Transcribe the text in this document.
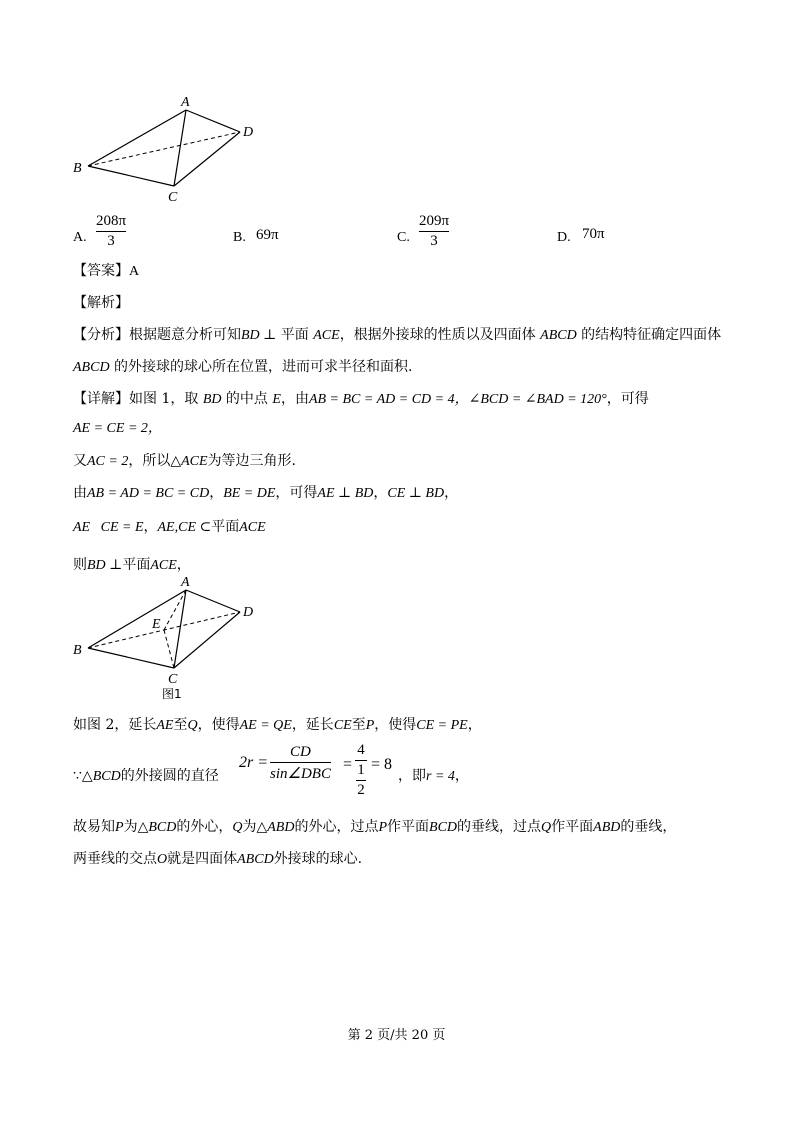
A
B
C
D
A.
208π
3	B. 69π	C.
209π
3	D. 70π
【答案】A
【解析】
【分析】根据题意分析可知BD ⊥ 平面 ACE，根据外接球的性质以及四面体 ABCD 的结构特征确定四面体
ABCD 的外接球的球心所在位置，进而可求半径和面积.
【详解】如图 1，取 BD 的中点 E，由AB = BC = AD = CD = 4，∠BCD = ∠BAD = 120°，可得
AE = CE = 2，
又AC = 2，所以△ACE为等边三角形.
由AB = AD = BC = CD，BE = DE，可得AE ⊥ BD，CE ⊥ BD，
AE   CE = E，AE,CE ⊂平面ACE
则BD ⊥平面ACE，
A
B
C
D
E
图1
如图 2，延长AE至Q，使得AE = QE，延长CE至P，使得CE = PE，
∵△BCD的外接圆的直径
2r =
CD
sin∠DBC
=
4
1
2
= 8
，即r = 4，
故易知P为△BCD的外心，Q为△ABD的外心，过点P作平面BCD的垂线，过点Q作平面ABD的垂线，
两垂线的交点O就是四面体ABCD外接球的球心.
第 2 页/共 20 页
